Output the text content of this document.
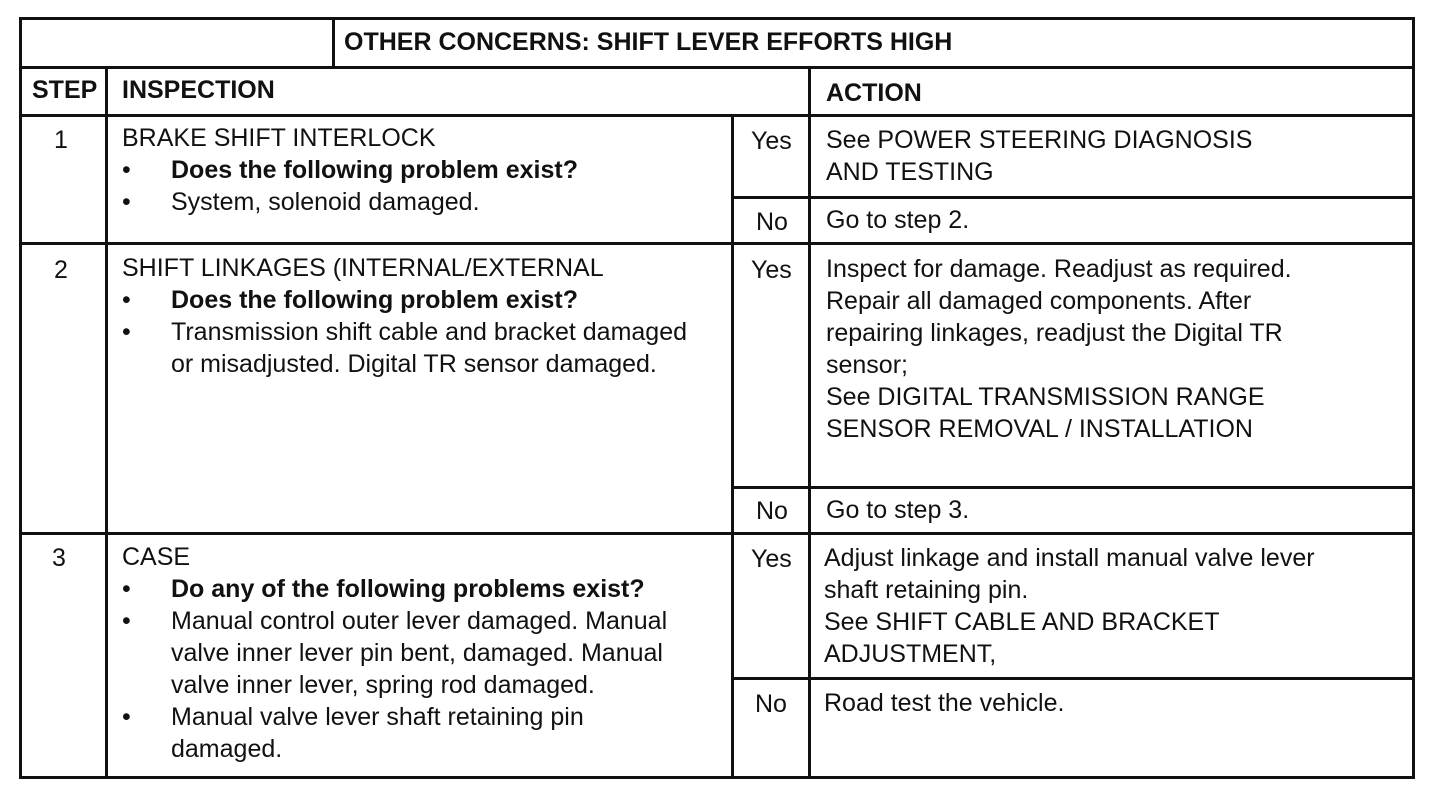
OTHER CONCERNS: SHIFT LEVER EFFORTS HIGH
STEP INSPECTION	ACTION
1 BRAKE SHIFT INTERLOCK
• Does the following problem exist?
• System, solenoid damaged.
Yes See POWER STEERING DIAGNOSIS
AND TESTING
No Go to step 2.
2 SHIFT LINKAGES (INTERNAL/EXTERNAL
• Does the following problem exist?
• Transmission shift cable and bracket damaged or misadjusted. Digital TR sensor damaged.
Yes Inspect for damage. Readjust as required.
Repair all damaged components. After
repairing linkages, readjust the Digital TR
sensor;
See DIGITAL TRANSMISSION RANGE
SENSOR REMOVAL / INSTALLATION
No Go to step 3.
3 CASE
• Do any of the following problems exist?
• Manual control outer lever damaged. Manual valve inner lever pin bent, damaged. Manual valve inner lever, spring rod damaged.
• Manual valve lever shaft retaining pin damaged.
Yes Adjust linkage and install manual valve lever
shaft retaining pin.
See SHIFT CABLE AND BRACKET
ADJUSTMENT,
No Road test the vehicle.
